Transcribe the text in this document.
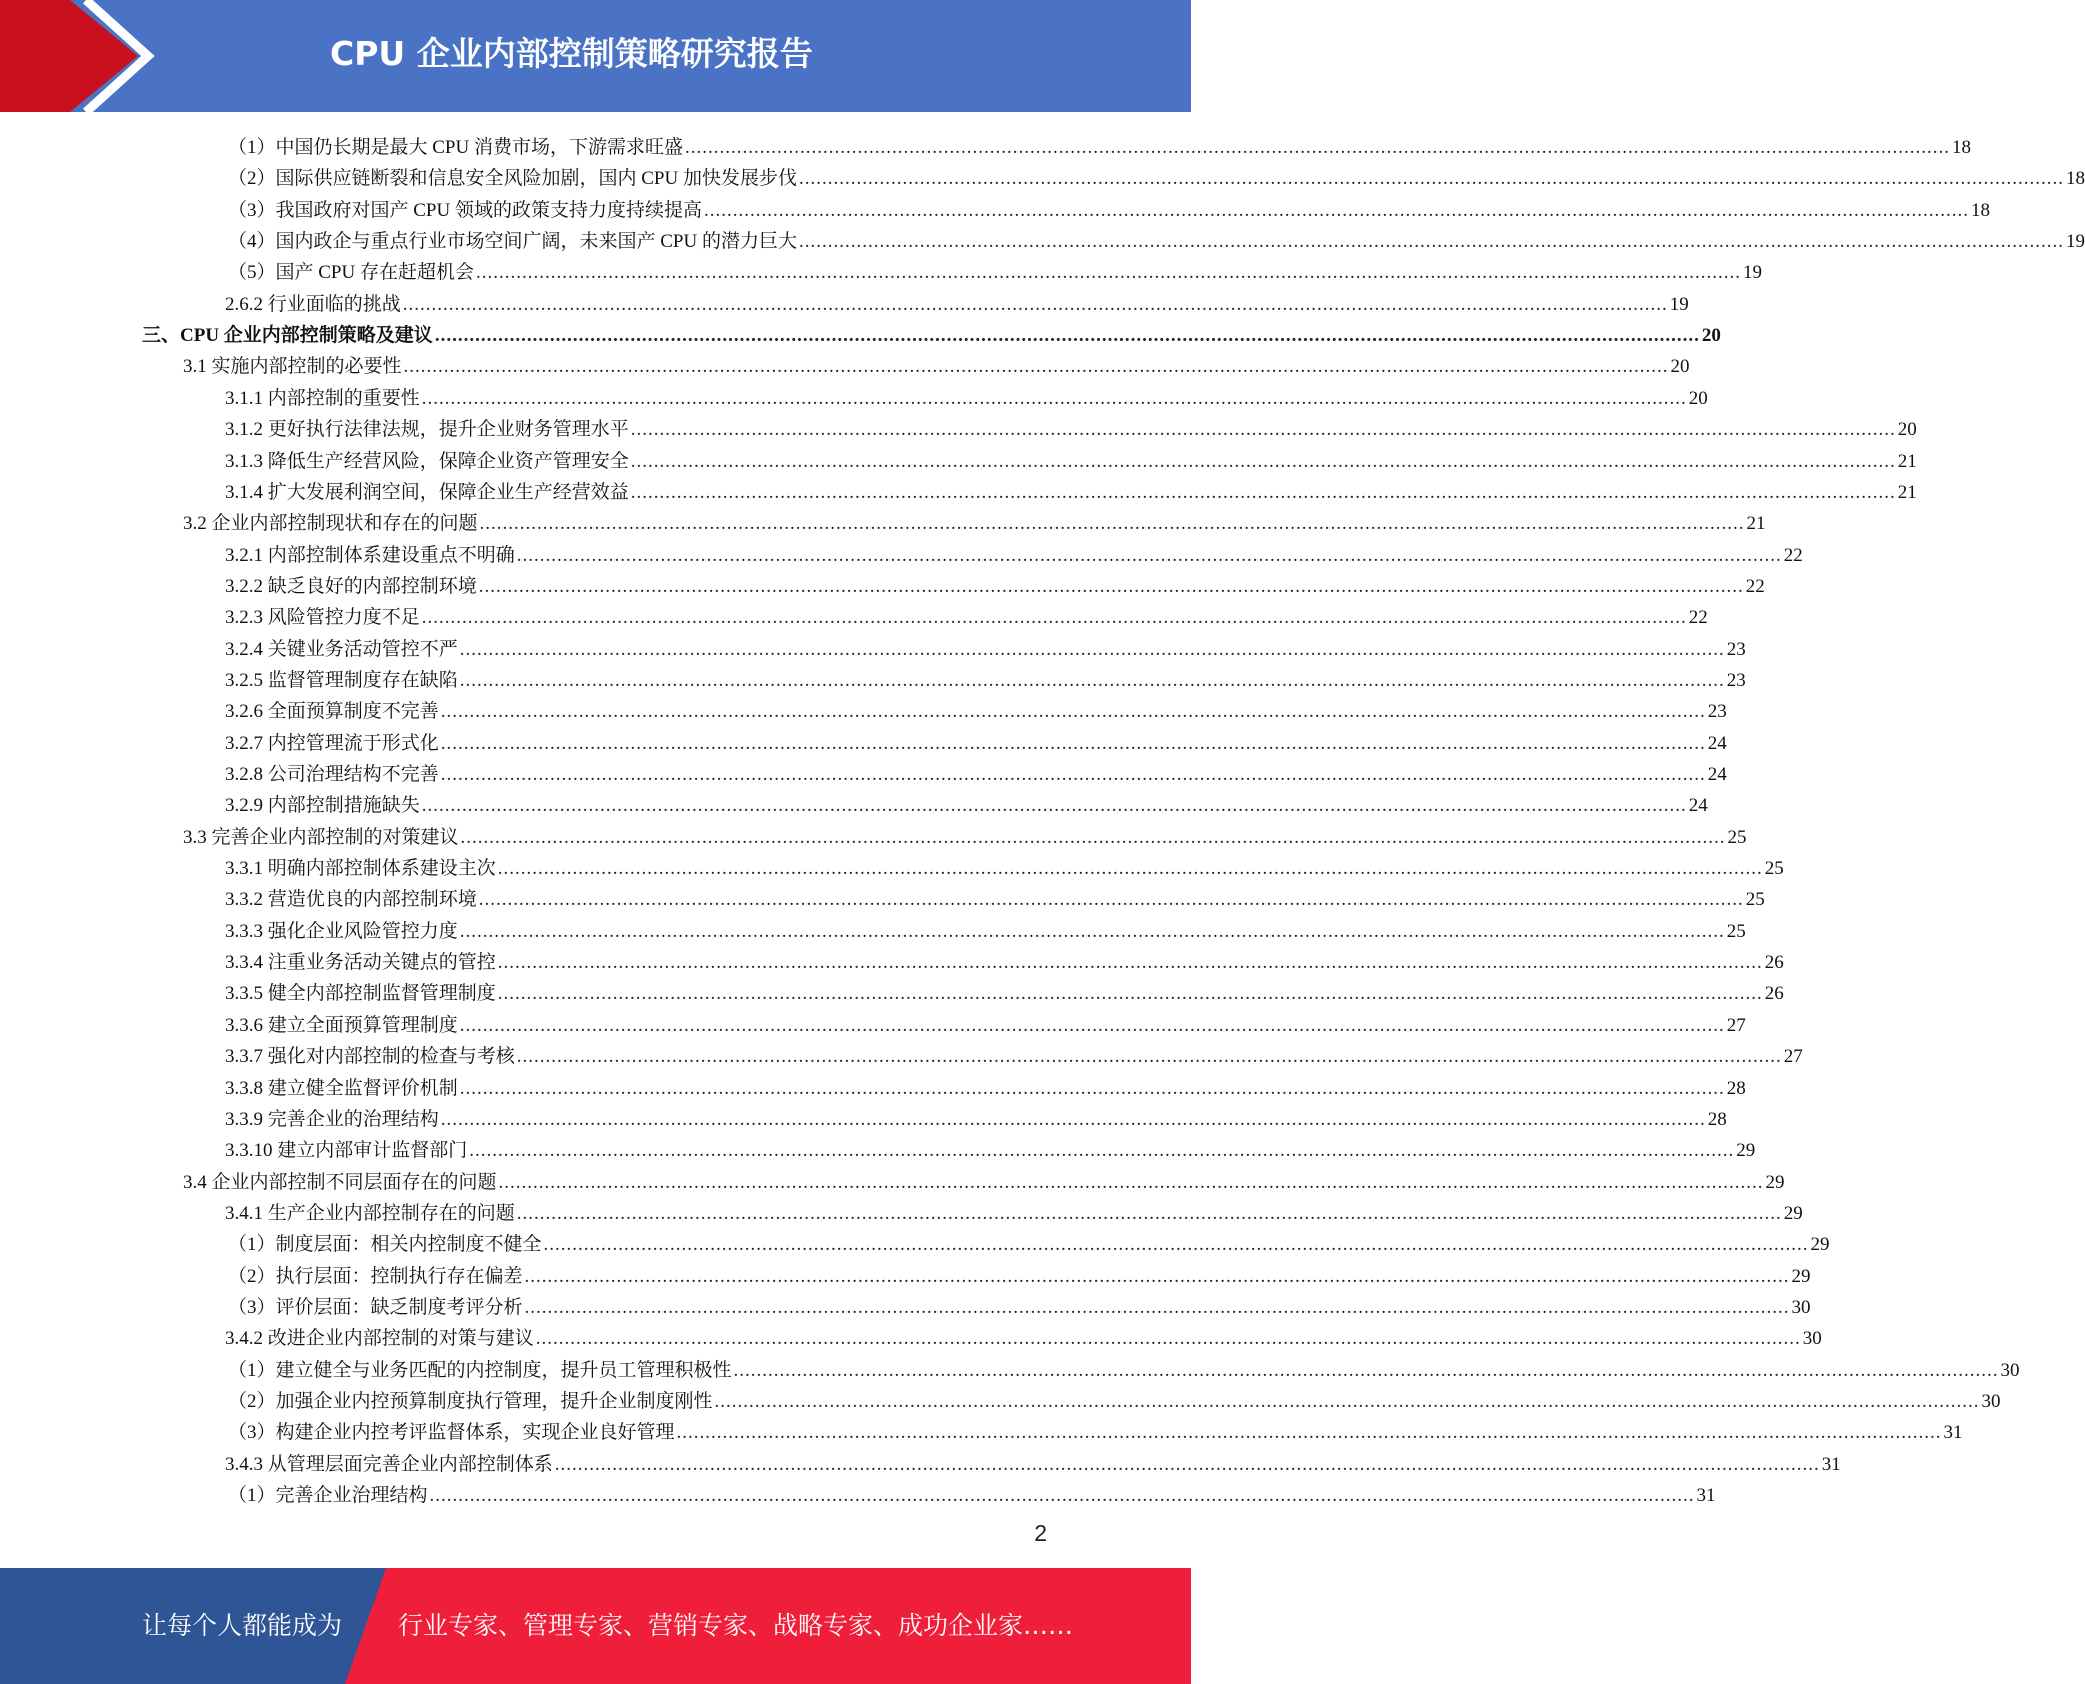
CPU 企业内部控制策略研究报告
（1）中国仍长期是最大 CPU 消费市场，下游需求旺盛 ............................................................................................................................................................................................................................ 18
（2）国际供应链断裂和信息安全风险加剧，国内 CPU 加快发展步伐 ............................................................................................................................................................................................................................ 18
（3）我国政府对国产 CPU 领域的政策支持力度持续提高 ............................................................................................................................................................................................................................ 18
（4）国内政企与重点行业市场空间广阔，未来国产 CPU 的潜力巨大 ............................................................................................................................................................................................................................ 19
（5）国产 CPU 存在赶超机会 ............................................................................................................................................................................................................................ 19
2.6.2 行业面临的挑战 ............................................................................................................................................................................................................................ 19
三、CPU 企业内部控制策略及建议 ............................................................................................................................................................................................................................ 20
3.1 实施内部控制的必要性 ............................................................................................................................................................................................................................ 20
3.1.1 内部控制的重要性 ............................................................................................................................................................................................................................ 20
3.1.2 更好执行法律法规，提升企业财务管理水平 ............................................................................................................................................................................................................................ 20
3.1.3 降低生产经营风险，保障企业资产管理安全 ............................................................................................................................................................................................................................ 21
3.1.4 扩大发展利润空间，保障企业生产经营效益 ............................................................................................................................................................................................................................ 21
3.2 企业内部控制现状和存在的问题 ............................................................................................................................................................................................................................ 21
3.2.1 内部控制体系建设重点不明确 ............................................................................................................................................................................................................................ 22
3.2.2 缺乏良好的内部控制环境 ............................................................................................................................................................................................................................ 22
3.2.3 风险管控力度不足 ............................................................................................................................................................................................................................ 22
3.2.4 关键业务活动管控不严 ............................................................................................................................................................................................................................ 23
3.2.5 监督管理制度存在缺陷 ............................................................................................................................................................................................................................ 23
3.2.6 全面预算制度不完善 ............................................................................................................................................................................................................................ 23
3.2.7 内控管理流于形式化 ............................................................................................................................................................................................................................ 24
3.2.8 公司治理结构不完善 ............................................................................................................................................................................................................................ 24
3.2.9 内部控制措施缺失 ............................................................................................................................................................................................................................ 24
3.3 完善企业内部控制的对策建议 ............................................................................................................................................................................................................................ 25
3.3.1 明确内部控制体系建设主次 ............................................................................................................................................................................................................................ 25
3.3.2 营造优良的内部控制环境 ............................................................................................................................................................................................................................ 25
3.3.3 强化企业风险管控力度 ............................................................................................................................................................................................................................ 25
3.3.4 注重业务活动关键点的管控 ............................................................................................................................................................................................................................ 26
3.3.5 健全内部控制监督管理制度 ............................................................................................................................................................................................................................ 26
3.3.6 建立全面预算管理制度 ............................................................................................................................................................................................................................ 27
3.3.7 强化对内部控制的检查与考核 ............................................................................................................................................................................................................................ 27
3.3.8 建立健全监督评价机制 ............................................................................................................................................................................................................................ 28
3.3.9 完善企业的治理结构 ............................................................................................................................................................................................................................ 28
3.3.10 建立内部审计监督部门 ............................................................................................................................................................................................................................ 29
3.4 企业内部控制不同层面存在的问题 ............................................................................................................................................................................................................................ 29
3.4.1 生产企业内部控制存在的问题 ............................................................................................................................................................................................................................ 29
（1）制度层面：相关内控制度不健全 ............................................................................................................................................................................................................................ 29
（2）执行层面：控制执行存在偏差 ............................................................................................................................................................................................................................ 29
（3）评价层面：缺乏制度考评分析 ............................................................................................................................................................................................................................ 30
3.4.2 改进企业内部控制的对策与建议 ............................................................................................................................................................................................................................ 30
（1）建立健全与业务匹配的内控制度，提升员工管理积极性 ............................................................................................................................................................................................................................ 30
（2）加强企业内控预算制度执行管理，提升企业制度刚性 ............................................................................................................................................................................................................................ 30
（3）构建企业内控考评监督体系，实现企业良好管理 ............................................................................................................................................................................................................................ 31
3.4.3 从管理层面完善企业内部控制体系 ............................................................................................................................................................................................................................ 31
（1）完善企业治理结构 ............................................................................................................................................................................................................................ 31
2
让每个人都能成为 行业专家、管理专家、营销专家、战略专家、成功企业家……
